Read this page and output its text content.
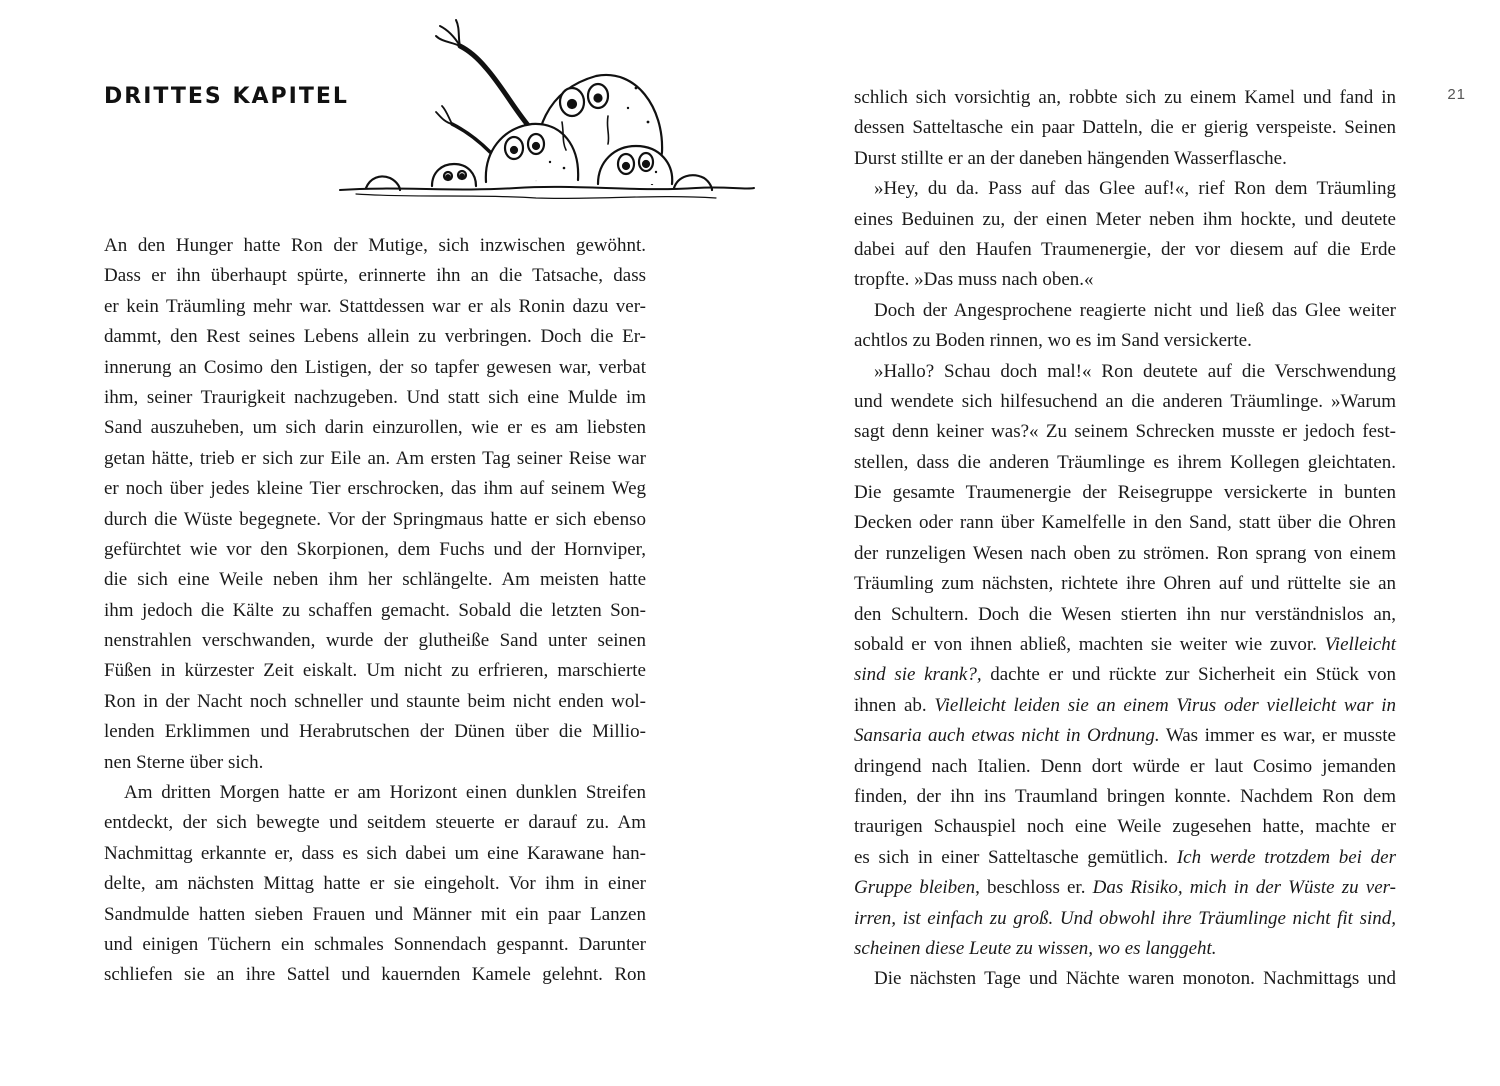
DRITTES KAPITEL
An den Hunger hatte Ron der Mutige, sich inzwischen gewöhnt.
Dass er ihn überhaupt spürte, erinnerte ihn an die Tatsache, dass
er kein Träumling mehr war. Stattdessen war er als Ronin dazu ver-
dammt, den Rest seines Lebens allein zu verbringen. Doch die Er-
innerung an Cosimo den Listigen, der so tapfer gewesen war, verbat
ihm, seiner Traurigkeit nachzugeben. Und statt sich eine Mulde im
Sand auszuheben, um sich darin einzurollen, wie er es am liebsten
getan hätte, trieb er sich zur Eile an. Am ersten Tag seiner Reise war
er noch über jedes kleine Tier erschrocken, das ihm auf seinem Weg
durch die Wüste begegnete. Vor der Springmaus hatte er sich ebenso
gefürchtet wie vor den Skorpionen, dem Fuchs und der Hornviper,
die sich eine Weile neben ihm her schlängelte. Am meisten hatte
ihm jedoch die Kälte zu schaffen gemacht. Sobald die letzten Son-
nenstrahlen verschwanden, wurde der glutheiße Sand unter seinen
Füßen in kürzester Zeit eiskalt. Um nicht zu erfrieren, marschierte
Ron in der Nacht noch schneller und staunte beim nicht enden wol-
lenden Erklimmen und Herabrutschen der Dünen über die Millio-
nen Sterne über sich.
Am dritten Morgen hatte er am Horizont einen dunklen Streifen
entdeckt, der sich bewegte und seitdem steuerte er darauf zu. Am
Nachmittag erkannte er, dass es sich dabei um eine Karawane han-
delte, am nächsten Mittag hatte er sie eingeholt. Vor ihm in einer
Sandmulde hatten sieben Frauen und Männer mit ein paar Lanzen
und einigen Tüchern ein schmales Sonnendach gespannt. Darunter
schliefen sie an ihre Sattel und kauernden Kamele gelehnt. Ron
21
schlich sich vorsichtig an, robbte sich zu einem Kamel und fand in
dessen Satteltasche ein paar Datteln, die er gierig verspeiste. Seinen
Durst stillte er an der daneben hängenden Wasserflasche.
»Hey, du da. Pass auf das Glee auf!«, rief Ron dem Träumling
eines Beduinen zu, der einen Meter neben ihm hockte, und deutete
dabei auf den Haufen Traumenergie, der vor diesem auf die Erde
tropfte. »Das muss nach oben.«
Doch der Angesprochene reagierte nicht und ließ das Glee weiter
achtlos zu Boden rinnen, wo es im Sand versickerte.
»Hallo? Schau doch mal!« Ron deutete auf die Verschwendung
und wendete sich hilfesuchend an die anderen Träumlinge. »Warum
sagt denn keiner was?« Zu seinem Schrecken musste er jedoch fest-
stellen, dass die anderen Träumlinge es ihrem Kollegen gleichtaten.
Die gesamte Traumenergie der Reisegruppe versickerte in bunten
Decken oder rann über Kamelfelle in den Sand, statt über die Ohren
der runzeligen Wesen nach oben zu strömen. Ron sprang von einem
Träumling zum nächsten, richtete ihre Ohren auf und rüttelte sie an
den Schultern. Doch die Wesen stierten ihn nur verständnislos an,
sobald er von ihnen abließ, machten sie weiter wie zuvor. Vielleicht
sind sie krank?, dachte er und rückte zur Sicherheit ein Stück von
ihnen ab. Vielleicht leiden sie an einem Virus oder vielleicht war in
Sansaria auch etwas nicht in Ordnung. Was immer es war, er musste
dringend nach Italien. Denn dort würde er laut Cosimo jemanden
finden, der ihn ins Traumland bringen konnte. Nachdem Ron dem
traurigen Schauspiel noch eine Weile zugesehen hatte, machte er
es sich in einer Satteltasche gemütlich. Ich werde trotzdem bei der
Gruppe bleiben, beschloss er. Das Risiko, mich in der Wüste zu ver-
irren, ist einfach zu groß. Und obwohl ihre Träumlinge nicht fit sind,
scheinen diese Leute zu wissen, wo es langgeht.
Die nächsten Tage und Nächte waren monoton. Nachmittags und
